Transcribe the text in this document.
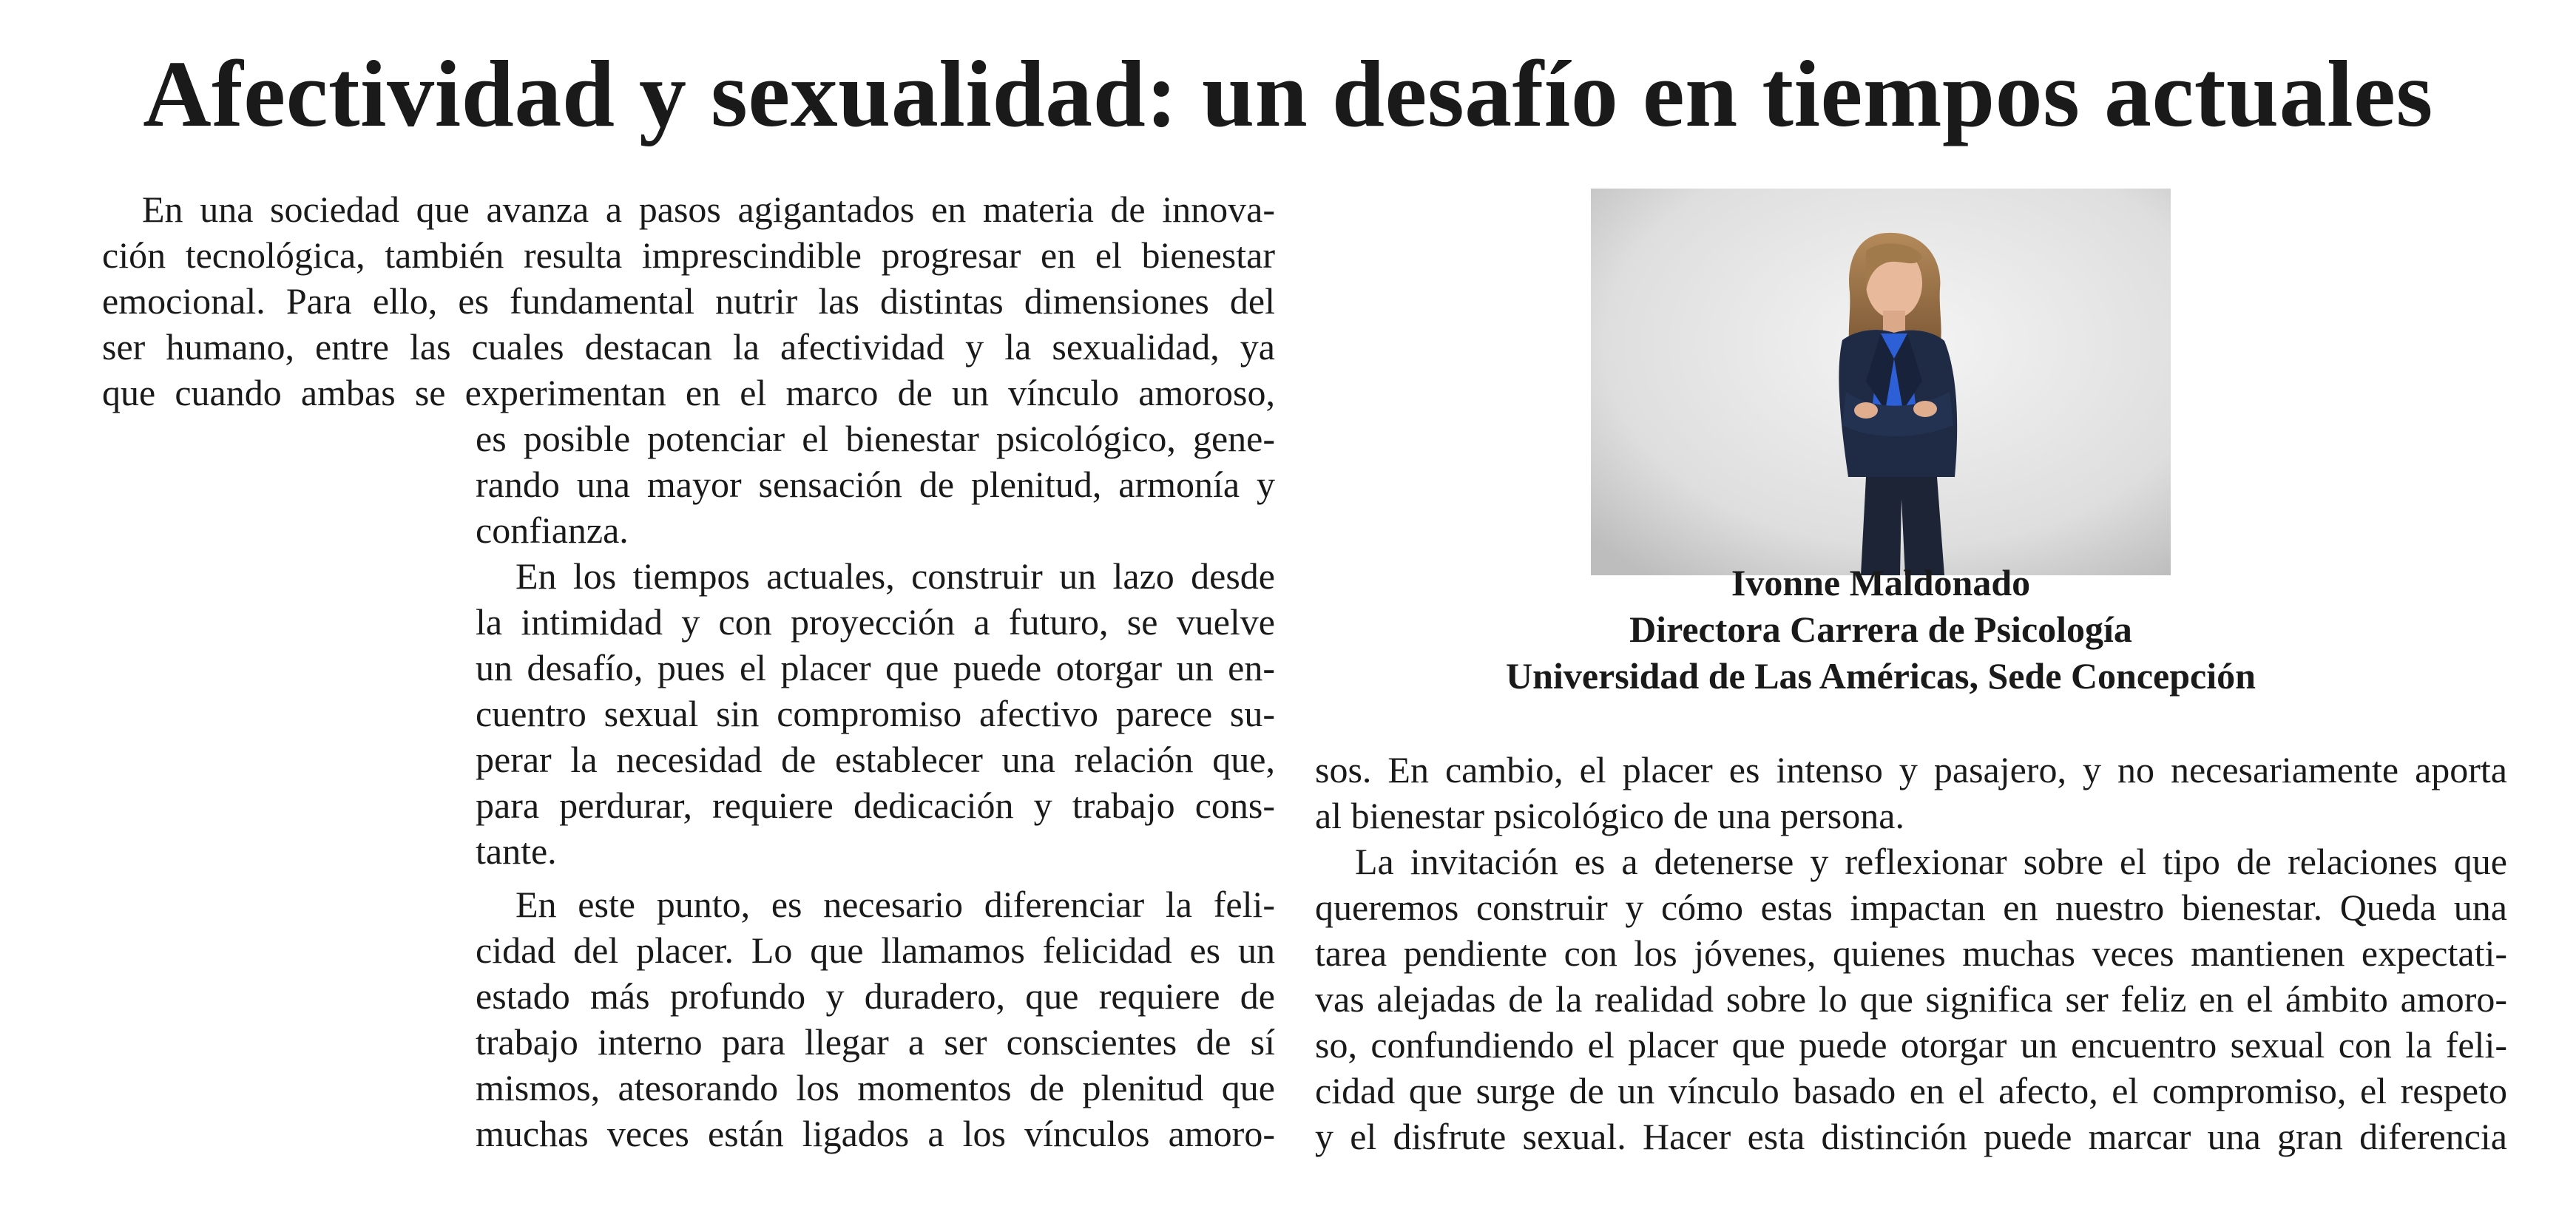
Afectividad y sexualidad: un desafío en tiempos actuales
En una sociedad que avanza a pasos agigantados en materia de innova-
ción tecnológica, también resulta imprescindible progresar en el bienestar
emocional. Para ello, es fundamental nutrir las distintas dimensiones del
ser humano, entre las cuales destacan la afectividad y la sexualidad, ya
que cuando ambas se experimentan en el marco de un vínculo amoroso,
es posible potenciar el bienestar psicológico, gene-
rando una mayor sensación de plenitud, armonía y
confianza.
En los tiempos actuales, construir un lazo desde
la intimidad y con proyección a futuro, se vuelve
un desafío, pues el placer que puede otorgar un en-
cuentro sexual sin compromiso afectivo parece su-
perar la necesidad de establecer una relación que,
para perdurar, requiere dedicación y trabajo cons-
tante.
En este punto, es necesario diferenciar la feli-
cidad del placer. Lo que llamamos felicidad es un
estado más profundo y duradero, que requiere de
trabajo interno para llegar a ser conscientes de sí
mismos, atesorando los momentos de plenitud que
muchas veces están ligados a los vínculos amoro-
Ivonne Maldonado
Directora Carrera de Psicología
Universidad de Las Américas, Sede Concepción
sos. En cambio, el placer es intenso y pasajero, y no necesariamente aporta
al bienestar psicológico de una persona.
La invitación es a detenerse y reflexionar sobre el tipo de relaciones que
queremos construir y cómo estas impactan en nuestro bienestar. Queda una
tarea pendiente con los jóvenes, quienes muchas veces mantienen expectati-
vas alejadas de la realidad sobre lo que significa ser feliz en el ámbito amoro-
so, confundiendo el placer que puede otorgar un encuentro sexual con la feli-
cidad que surge de un vínculo basado en el afecto, el compromiso, el respeto
y el disfrute sexual. Hacer esta distinción puede marcar una gran diferencia
